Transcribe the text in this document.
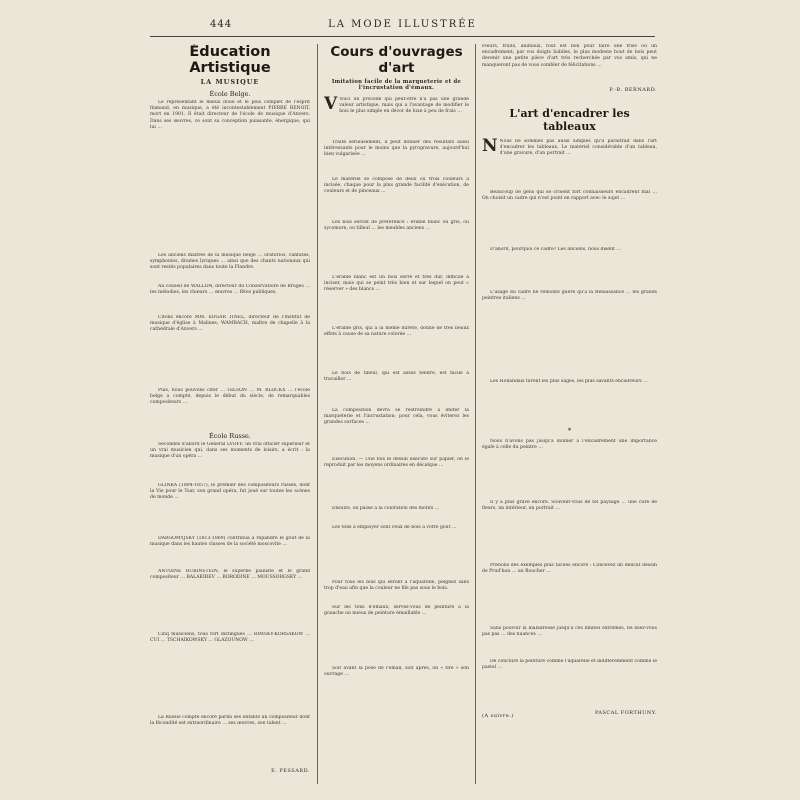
444	LA MODE ILLUSTRÉE
Éducation Artistique
LA MUSIQUE
École Belge.

Le représentant le mieux doué et le plus complet de l'esprit flamand, en musique, a été incontestablement PIERRE BENOIT, mort en 1901. Il était directeur de l'école de musique d'Anvers. Dans ses œuvres, ce sont sa conception puissante, énergique, qui lui …

Les anciens maîtres de la musique belge … oratorios, cantates, symphonies, drames lyriques … ainsi que des chants nationaux qui sont restés populaires dans toute la Flandre.

Au conseil de WALLON, directeur du Conservatoire de Bruges … les mélodies, les chœurs … œuvres … fêtes publiques.

Citons encore MM. EDGAR TINEL, directeur de l'Institut de musique d'église à Malines; WAMBACH, maître de chapelle à la cathédrale d'Anvers …

Puis, nous pouvons citer … GILSON … M. BLOCKX … l'école belge a compté, depuis le début du siècle, de remarquables compositeurs …

École Russe.

Secondes d'abord le Général LVOFF, un vrai officier supérieur et un vrai musicien qui, dans ses moments de loisirs, a écrit : la musique d'un opéra …

GLINKA (1804-1857), le premier des compositeurs russes, dont la Vie pour le Tsar, son grand opéra, fut joué sur toutes les scènes de monde …

DARGOMYJSKY (1813-1869) contribua à répandre le goût de la musique dans les hautes classes de la société moscovite …

ANTOINE RUBINSTEIN, le superbe pianiste et le grand compositeur … BALAKIREV … BORODINE … MOUSSORGSKY …

Cinq musiciens, tous fort distingués … RIMSKY-KORSAKOW … CUI … TSCHAIKOWSKY … GLAZOUNOW …

La Russie compte encore parmi ses enfants un compositeur dont la fécondité est extraordinaire … ses œuvres, son talent …

E. PESSARD.
Cours d'ouvrages d'art
Imitation facile de la marqueterie et de l'incrustation d'émaux.
V Voici un procédé qui peut-être n'a pas une grande valeur artistique, mais qui a l'avantage de modifier le bois le plus simple en décor de luxe à peu de frais …

Traité sérieusement, il peut donner des résultats aussi intéressants pour le moins que la pyrogravure, aujourd'hui bien vulgarisée …

Le matériel se compose de deux ou trois couleurs à incisée, chaque pour la plus grande facilité d'exécution, de couleurs et de pinceaux …

Les bois seront de préférence : érable blanc ou gris, ou sycomore, ou tilleul … les meubles anciens …

L'érable blanc est un bois serré et très dur, difficile à inciser, mais qui se peint très bien et sur lequel on peut « réserver » des blancs …

L'érable gris, qui a la même dureté, donne de très beaux effets à cause de sa nature colorée …

Le bois de tilleul, qui est assez tendre, est facile à travailler …

La composition devra se restreindre à imiter la marqueterie et l'incrustation; pour cela, vous éviterez les grandes surfaces …

Exécution. — Une fois le dessin exécuté sur papier, on le reproduit par les moyens ordinaires en décalque …

Ensuite, on passe à la coloration des motifs …

Les tons à employer sont ceux de bois à votre goût …

Pour tous les bois qui seront à l'aquarelle, peignez sans trop d'eau afin que la couleur ne file pas sous le bois.

Sur les tons d'émaux, servez-vous de peinture à la gouache ou mieux de peinture émaillable …

Soit avant la pose de l'émail, soit après, on « tire » son ouvrage …

Fleurs, fruits, animaux, tout est bon pour faire une frise ou un encadrement; par vos doigts habiles, le plus modeste bout de bois peut devenir une petite pièce d'art très recherchée par vos amis, qui ne manqueront pas de vous combler de félicitations …

P.-B. BERNARD.
L'art d'encadrer les tableaux
N Nous ne sommes pas aussi simples qu'il paraîtrait dans l'art d'encadrer les tableaux. Le matériel considérable d'un tableau, d'une gravure, d'un portrait …

Beaucoup de gens qui se croient fort connaisseurs encadrent mal … On choisit un cadre qui n'est point en rapport avec le sujet …

D'abord, pourquoi ce cadre? Les anciens, nous disent …

L'usage du cadre ne remonte guère qu'à la Renaissance … les grands peintres italiens …

Les Hollandais furent les plus sages, les plus savants encadreurs …

*

Nous n'avons pas jusqu'à donner à l'encadrement une importance égale à celle du peintre …

Il y a plus grave encore. Souvent-vous de tel paysage … une cure de fleurs, un intérieur, un portrait …

Prenons des exemples plus faciles encore : Concevez un délicat dessin de Prud'hon … un Boucher …

Sans pouvoir la maladresse jusqu'à ces limites extrêmes, ne lisez-vous pas pas … des nuances …

De conclure la peinture comme l'aquarelle et indifféremment comme le pastel …

(A suivre.)	PASCAL FORTHUNY.
